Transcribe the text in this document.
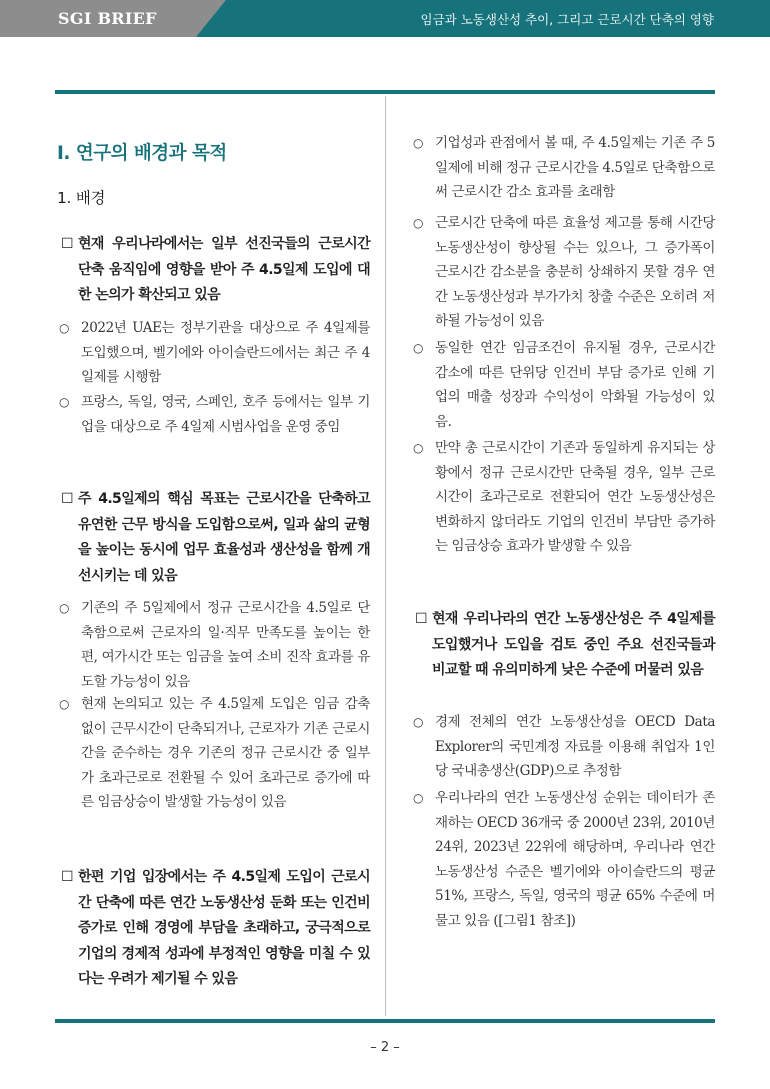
SGI BRIEF	임금과 노동생산성 추이, 그리고 근로시간 단축의 영향
I. 연구의 배경과 목적
1. 배경
☐ 현재 우리나라에서는 일부 선진국들의 근로시간 단축 움직임에 영향을 받아 주 4.5일제 도입에 대한 논의가 확산되고 있음
○ 2022년 UAE는 정부기관을 대상으로 주 4일제를 도입했으며, 벨기에와 아이슬란드에서는 최근 주 4일제를 시행함
○ 프랑스, 독일, 영국, 스페인, 호주 등에서는 일부 기업을 대상으로 주 4일제 시범사업을 운영 중임
☐ 주 4.5일제의 핵심 목표는 근로시간을 단축하고 유연한 근무 방식을 도입함으로써, 일과 삶의 균형을 높이는 동시에 업무 효율성과 생산성을 함께 개선시키는 데 있음
○ 기존의 주 5일제에서 정규 근로시간을 4.5일로 단축함으로써 근로자의 일·직무 만족도를 높이는 한편, 여가시간 또는 임금을 높여 소비 진작 효과를 유도할 가능성이 있음
○ 현재 논의되고 있는 주 4.5일제 도입은 임금 감축 없이 근무시간이 단축되거나, 근로자가 기존 근로시간을 준수하는 경우 기존의 정규 근로시간 중 일부가 초과근로로 전환될 수 있어 초과근로 증가에 따른 임금상승이 발생할 가능성이 있음
☐ 한편 기업 입장에서는 주 4.5일제 도입이 근로시간 단축에 따른 연간 노동생산성 둔화 또는 인건비 증가로 인해 경영에 부담을 초래하고, 궁극적으로 기업의 경제적 성과에 부정적인 영향을 미칠 수 있다는 우려가 제기될 수 있음
○ 기업성과 관점에서 볼 때, 주 4.5일제는 기존 주 5일제에 비해 정규 근로시간을 4.5일로 단축함으로써 근로시간 감소 효과를 초래함
○ 근로시간 단축에 따른 효율성 제고를 통해 시간당 노동생산성이 향상될 수는 있으나, 그 증가폭이 근로시간 감소분을 충분히 상쇄하지 못할 경우 연간 노동생산성과 부가가치 창출 수준은 오히려 저하될 가능성이 있음
○ 동일한 연간 임금조건이 유지될 경우, 근로시간 감소에 따른 단위당 인건비 부담 증가로 인해 기업의 매출 성장과 수익성이 악화될 가능성이 있음.
○ 만약 총 근로시간이 기존과 동일하게 유지되는 상황에서 정규 근로시간만 단축될 경우, 일부 근로시간이 초과근로로 전환되어 연간 노동생산성은 변화하지 않더라도 기업의 인건비 부담만 증가하는 임금상승 효과가 발생할 수 있음
☐ 현재 우리나라의 연간 노동생산성은 주 4일제를 도입했거나 도입을 검토 중인 주요 선진국들과 비교할 때 유의미하게 낮은 수준에 머물러 있음
○ 경제 전체의 연간 노동생산성을 OECD Data Explorer의 국민계정 자료를 이용해 취업자 1인당 국내총생산(GDP)으로 추정함
○ 우리나라의 연간 노동생산성 순위는 데이터가 존재하는 OECD 36개국 중 2000년 23위, 2010년 24위, 2023년 22위에 해당하며, 우리나라 연간 노동생산성 수준은 벨기에와 아이슬란드의 평균 51%, 프랑스, 독일, 영국의 평균 65% 수준에 머물고 있음 ([그림1 참조])
– 2 –
